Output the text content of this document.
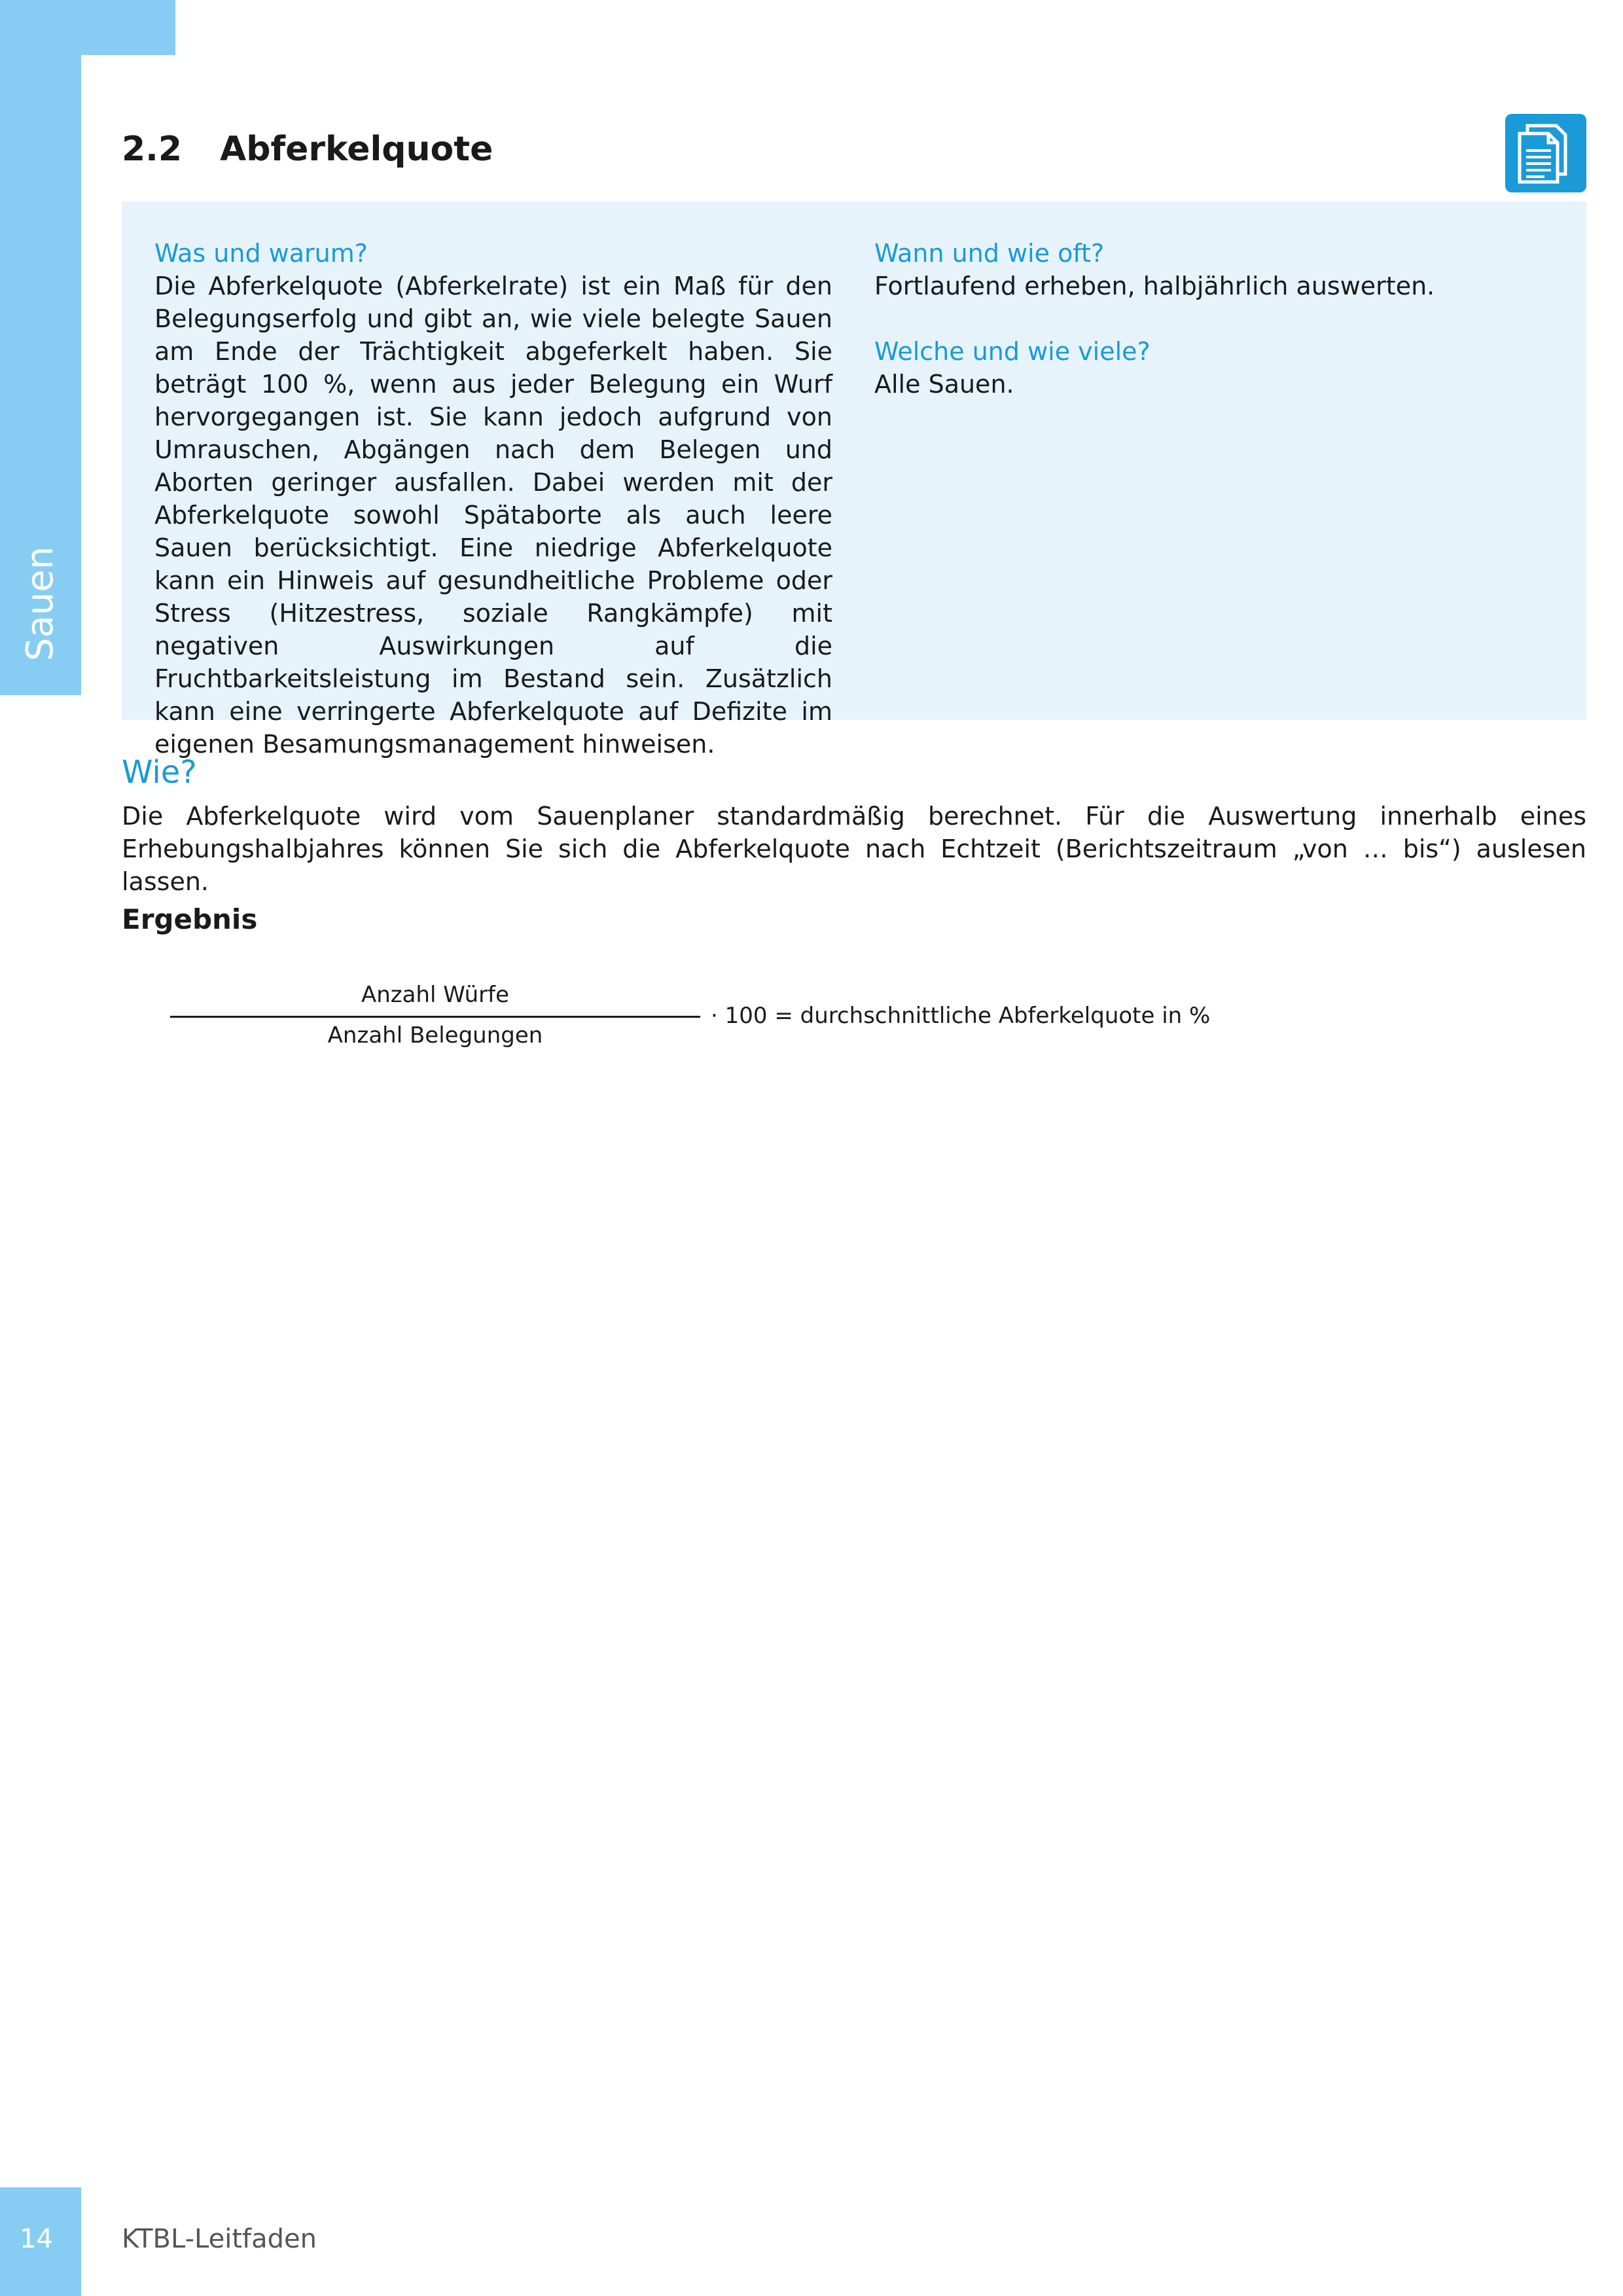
Sauen
2.2 Abferkelquote
Was und warum?
Die Abferkelquote (Abferkelrate) ist ein Maß für den Belegungserfolg und gibt an, wie viele belegte Sauen am Ende der Trächtigkeit abgeferkelt haben. Sie beträgt 100 %, wenn aus jeder Belegung ein Wurf hervorgegangen ist. Sie kann jedoch aufgrund von Umrauschen, Abgängen nach dem Belegen und Aborten geringer ausfallen. Dabei werden mit der Abferkelquote sowohl Spätaborte als auch leere Sauen berücksichtigt. Eine niedrige Abferkelquote kann ein Hinweis auf gesundheitliche Probleme oder Stress (Hitzestress, soziale Rangkämpfe) mit negativen Auswirkungen auf die Fruchtbarkeitsleistung im Bestand sein. Zusätzlich kann eine verringerte Abferkelquote auf Defizite im eigenen Besamungsmanagement hinweisen.
Wann und wie oft?
Fortlaufend erheben, halbjährlich auswerten.
Welche und wie viele?
Alle Sauen.
Wie?
Die Abferkelquote wird vom Sauenplaner standardmäßig berechnet. Für die Auswertung innerhalb eines Erhebungshalbjahres können Sie sich die Abferkelquote nach Echtzeit (Berichtszeitraum „von … bis“) auslesen lassen.
Ergebnis
Anzahl Würfe
Anzahl Belegungen
· 100 = durchschnittliche Abferkelquote in %
14	KTBL-Leitfaden
